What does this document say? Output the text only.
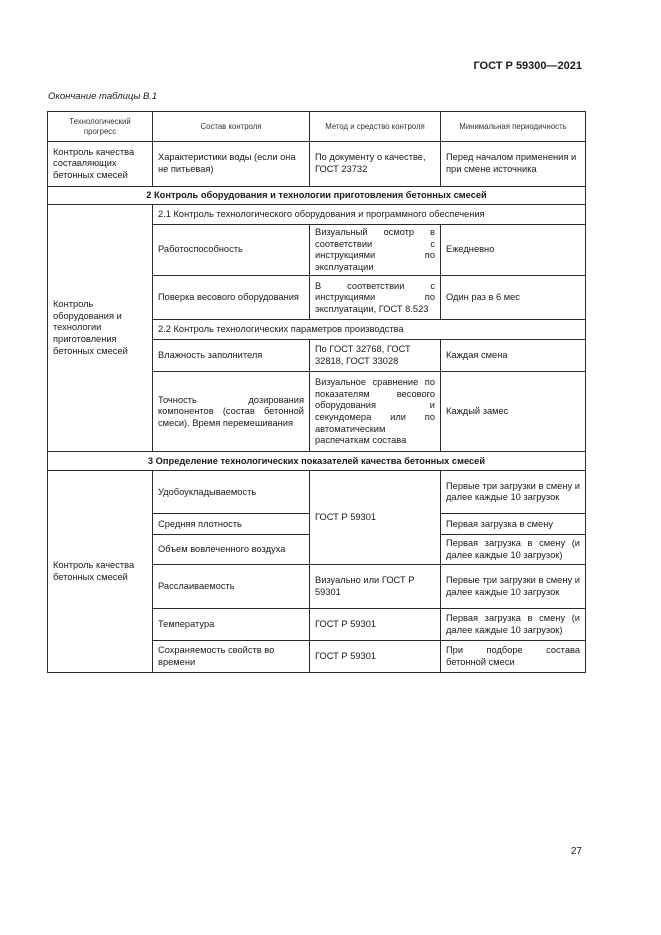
ГОСТ Р 59300—2021
Окончание таблицы В.1
Технологический прогресс	Состав контроля	Метод и средство контроля	Минимальная периодичность
Контроль качества составляющих бетонных смесей	Характеристики воды (если она не питьевая)	По документу о качестве, ГОСТ 23732	Перед началом применения и при смене источника
2 Контроль оборудования и технологии приготовления бетонных смесей			
Контроль оборудования и технологии приготовления бетонных смесей	2.1 Контроль технологического оборудования и программного обеспечения		
	Работоспособность	Визуальный осмотр в соответствии с инструкциями по эксплуатации	Ежедневно
	Поверка весового оборудования	В соответствии с инструкциями по эксплуатации, ГОСТ 8.523	Один раз в 6 мес
	2.2 Контроль технологических параметров производства		
	Влажность заполнителя	По ГОСТ 32768, ГОСТ 32818, ГОСТ 33028	Каждая смена
	Точность дозирования компонентов (состав бетонной смеси). Время перемешивания	Визуальное сравнение по показателям весового оборудования и секундомера или по автоматическим распечаткам состава	Каждый замес
3 Определение технологических показателей качества бетонных смесей			
Контроль качества бетонных смесей	Удобоукладываемость	ГОСТ Р 59301	Первые три загрузки в смену и далее каждые 10 загрузок
	Средняя плотность		Первая загрузка в смену
	Объем вовлеченного воздуха		Первая загрузка в смену (и далее каждые 10 загрузок)
	Расслаиваемость	Визуально или ГОСТ Р 59301	Первые три загрузки в смену и далее каждые 10 загрузок
	Температура	ГОСТ Р 59301	Первая загрузка в смену (и далее каждые 10 загрузок)
	Сохраняемость свойств во времени	ГОСТ Р 59301	При подборе состава бетонной смеси
27
